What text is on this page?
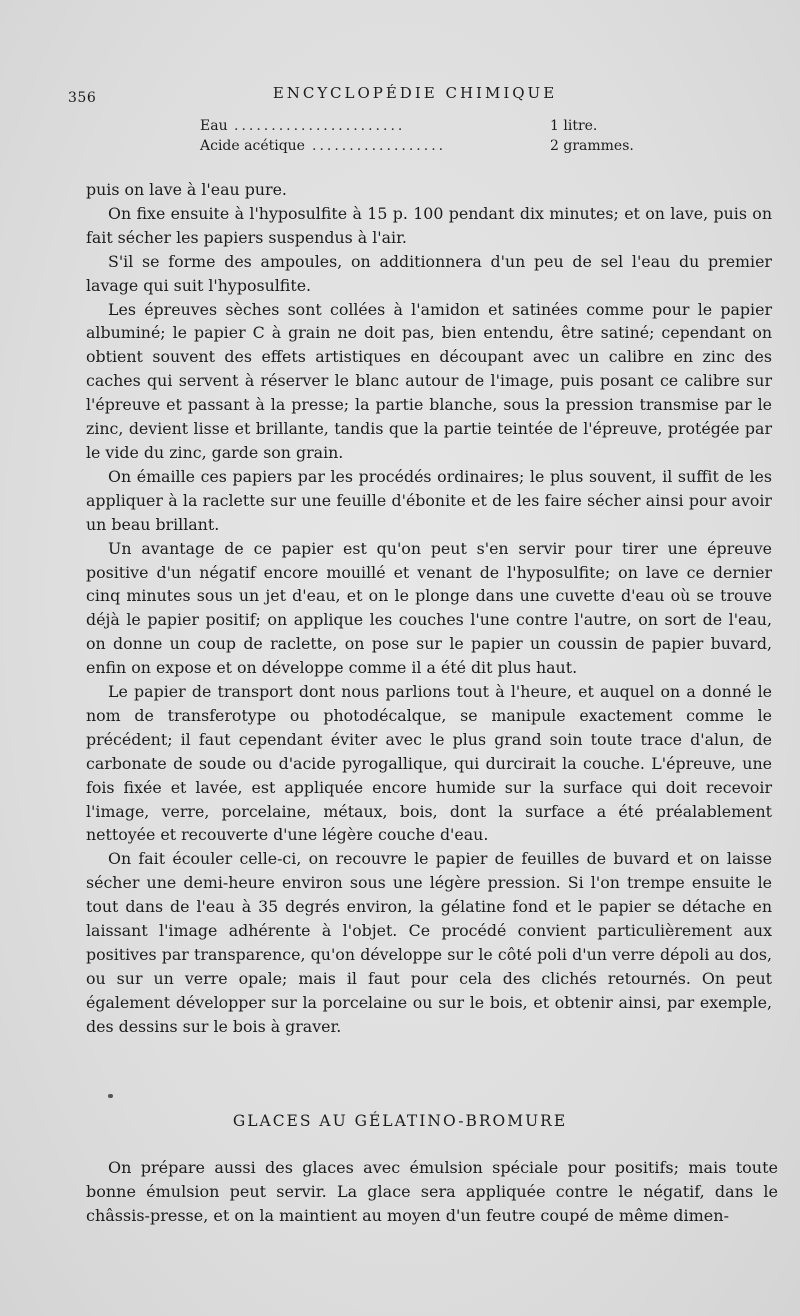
356	ENCYCLOPÉDIE CHIMIQUE
Eau .......................	1 litre.
Acide acétique ..................	2 grammes.

puis on lave à l'eau pure.

On fixe ensuite à l'hyposulfite à 15 p. 100 pendant dix minutes; et on lave, puis on fait sécher les papiers suspendus à l'air.

S'il se forme des ampoules, on additionnera d'un peu de sel l'eau du premier lavage qui suit l'hyposulfite.

Les épreuves sèches sont collées à l'amidon et satinées comme pour le papier albuminé; le papier C à grain ne doit pas, bien entendu, être satiné; cependant on obtient souvent des effets artistiques en découpant avec un calibre en zinc des caches qui servent à réserver le blanc autour de l'image, puis posant ce calibre sur l'épreuve et passant à la presse; la partie blanche, sous la pression transmise par le zinc, devient lisse et brillante, tandis que la partie teintée de l'épreuve, protégée par le vide du zinc, garde son grain.

On émaille ces papiers par les procédés ordinaires; le plus souvent, il suffit de les appliquer à la raclette sur une feuille d'ébonite et de les faire sécher ainsi pour avoir un beau brillant.

Un avantage de ce papier est qu'on peut s'en servir pour tirer une épreuve positive d'un négatif encore mouillé et venant de l'hyposulfite; on lave ce dernier cinq minutes sous un jet d'eau, et on le plonge dans une cuvette d'eau où se trouve déjà le papier positif; on applique les couches l'une contre l'autre, on sort de l'eau, on donne un coup de raclette, on pose sur le papier un coussin de papier buvard, enfin on expose et on développe comme il a été dit plus haut.

Le papier de transport dont nous parlions tout à l'heure, et auquel on a donné le nom de transferotype ou photodécalque, se manipule exactement comme le précédent; il faut cependant éviter avec le plus grand soin toute trace d'alun, de carbonate de soude ou d'acide pyrogallique, qui durcirait la couche. L'épreuve, une fois fixée et lavée, est appliquée encore humide sur la surface qui doit recevoir l'image, verre, porcelaine, métaux, bois, dont la surface a été préalablement nettoyée et recouverte d'une légère couche d'eau.

On fait écouler celle-ci, on recouvre le papier de feuilles de buvard et on laisse sécher une demi-heure environ sous une légère pression. Si l'on trempe ensuite le tout dans de l'eau à 35 degrés environ, la gélatine fond et le papier se détache en laissant l'image adhérente à l'objet. Ce procédé convient particulièrement aux positives par transparence, qu'on développe sur le côté poli d'un verre dépoli au dos, ou sur un verre opale; mais il faut pour cela des clichés retournés. On peut également développer sur la porcelaine ou sur le bois, et obtenir ainsi, par exemple, des dessins sur le bois à graver.

GLACES AU GÉLATINO-BROMURE

On prépare aussi des glaces avec émulsion spéciale pour positifs; mais toute bonne émulsion peut servir. La glace sera appliquée contre le négatif, dans le châssis-presse, et on la maintient au moyen d'un feutre coupé de même dimen-
